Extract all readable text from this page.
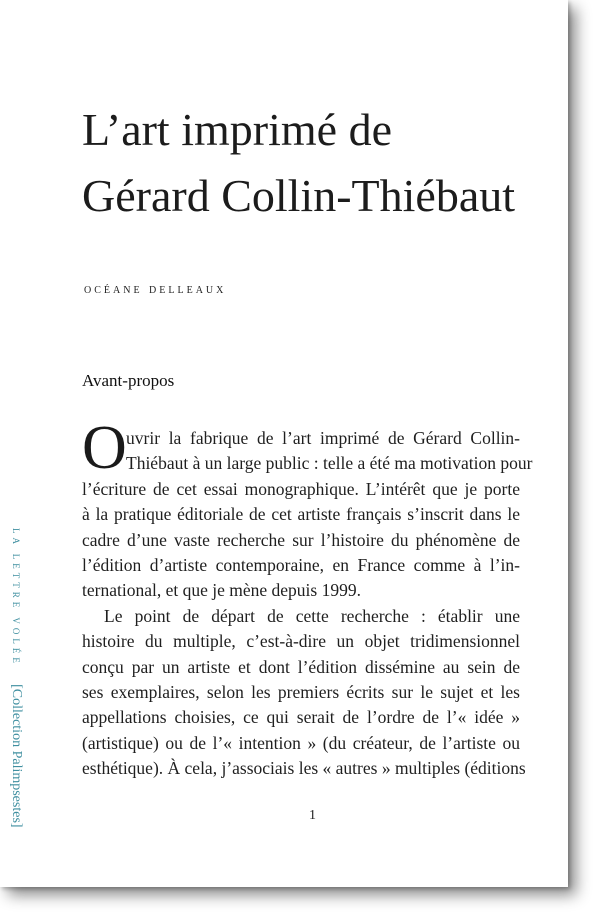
L’art imprimé de
Gérard Collin-Thiébaut
océane delleaux
Avant-propos
O uvrir la fabrique de l’art imprimé de Gérard Collin-
Thiébaut à un large public : telle a été ma motivation pour
l’écriture de cet essai monographique. L’intérêt que je porte
à la pratique éditoriale de cet artiste français s’inscrit dans le
cadre d’une vaste recherche sur l’histoire du phénomène de
l’édition d’artiste contemporaine, en France comme à l’in-
ternational, et que je mène depuis 1999.

Le point de départ de cette recherche : établir une
histoire du multiple, c’est-à-dire un objet tridimensionnel
conçu par un artiste et dont l’édition dissémine au sein de
ses exemplaires, selon les premiers écrits sur le sujet et les
appellations choisies, ce qui serait de l’ordre de l’« idée »
(artistique) ou de l’« intention » (du créateur, de l’artiste ou
esthétique). À cela, j’associais les « autres » multiples (éditions

1
LA LETTRE VOLÉE [Collection Palimpsestes]
